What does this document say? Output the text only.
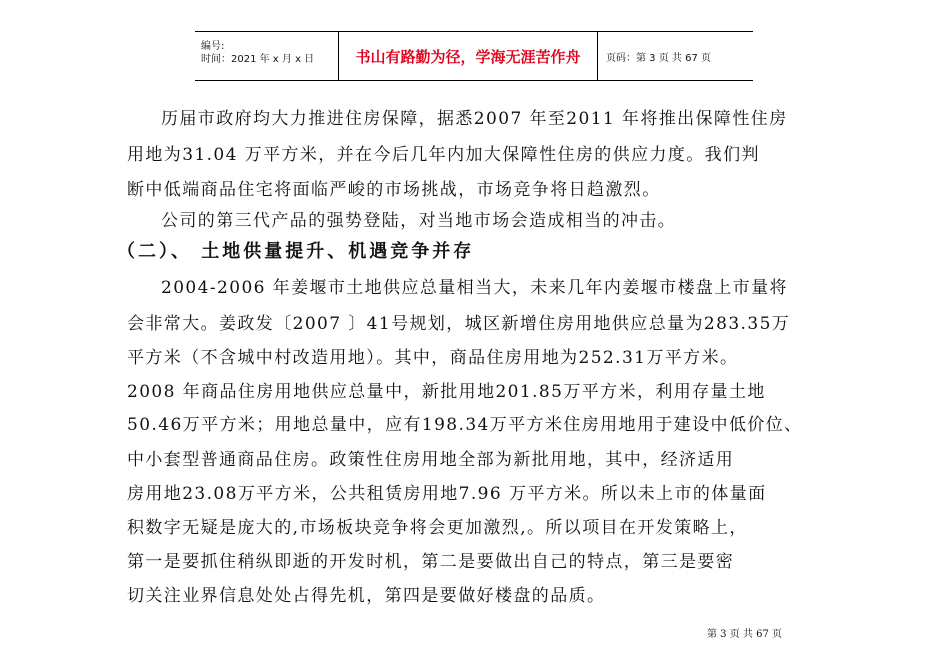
编号:
时间：2021 年 x 月 x 日	书山有路勤为径，学海无涯苦作舟	页码：第 3 页 共 67 页
历届市政府均大力推进住房保障，据悉2007 年至2011 年将推出保障性住房
用地为31.04 万平方米，并在今后几年内加大保障性住房的供应力度。我们判
断中低端商品住宅将面临严峻的市场挑战，市场竞争将日趋激烈。
公司的第三代产品的强势登陆，对当地市场会造成相当的冲击。
（二）、 土地供量提升、机遇竞争并存
2004-2006 年姜堰市土地供应总量相当大，未来几年内姜堰市楼盘上市量将
会非常大。姜政发〔2007 〕41号规划，城区新增住房用地供应总量为283.35万
平方米（不含城中村改造用地）。其中，商品住房用地为252.31万平方米。
2008 年商品住房用地供应总量中，新批用地201.85万平方米，利用存量土地
50.46万平方米；用地总量中，应有198.34万平方米住房用地用于建设中低价位、
中小套型普通商品住房。政策性住房用地全部为新批用地，其中，经济适用
房用地23.08万平方米，公共租赁房用地7.96 万平方米。所以未上市的体量面
积数字无疑是庞大的,市场板块竞争将会更加激烈,。所以项目在开发策略上，
第一是要抓住稍纵即逝的开发时机，第二是要做出自己的特点，第三是要密
切关注业界信息处处占得先机，第四是要做好楼盘的品质。
第 3 页 共 67 页
